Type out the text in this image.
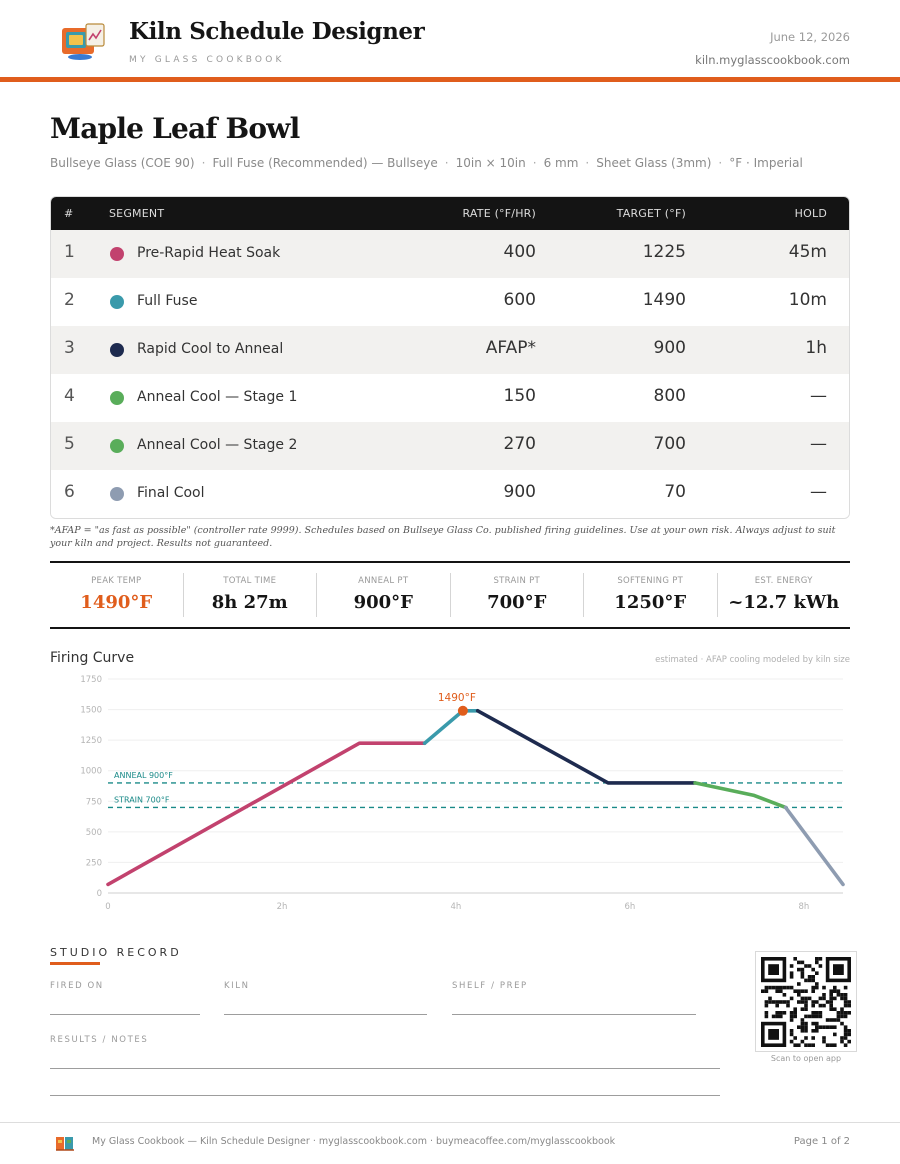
Kiln Schedule Designer
MY GLASS COOKBOOK
June 12, 2026
kiln.myglasscookbook.com
Maple Leaf Bowl
Bullseye Glass (COE 90) · Full Fuse (Recommended) — Bullseye · 10in × 10in · 6 mm · Sheet Glass (3mm) · °F · Imperial
#	SEGMENT	RATE (°F/HR)	TARGET (°F)	HOLD
1	Pre-Rapid Heat Soak	400	1225	45m
2	Full Fuse	600	1490	10m
3	Rapid Cool to Anneal	AFAP*	900	1h
4	Anneal Cool — Stage 1	150	800	—
5	Anneal Cool — Stage 2	270	700	—
6	Final Cool	900	70	—
*AFAP = "as fast as possible" (controller rate 9999). Schedules based on Bullseye Glass Co. published firing guidelines. Use at your own risk. Always adjust to suit your kiln and project. Results not guaranteed.
PEAK TEMP
1490°F
TOTAL TIME
8h 27m
ANNEAL PT
900°F
STRAIN PT
700°F
SOFTENING PT
1250°F
EST. ENERGY
~12.7 kWh
Firing Curve	estimated · AFAP cooling modeled by kiln size
0
250
500
750
1000
1250
1500
1750
0	2h	4h	6h	8h
ANNEAL 900°F
STRAIN 700°F
1490°F
STUDIO RECORD
FIRED ON	KILN	SHELF / PREP
RESULTS / NOTES
Scan to open app
My Glass Cookbook — Kiln Schedule Designer · myglasscookbook.com · buymeacoffee.com/myglasscookbook	Page 1 of 2
